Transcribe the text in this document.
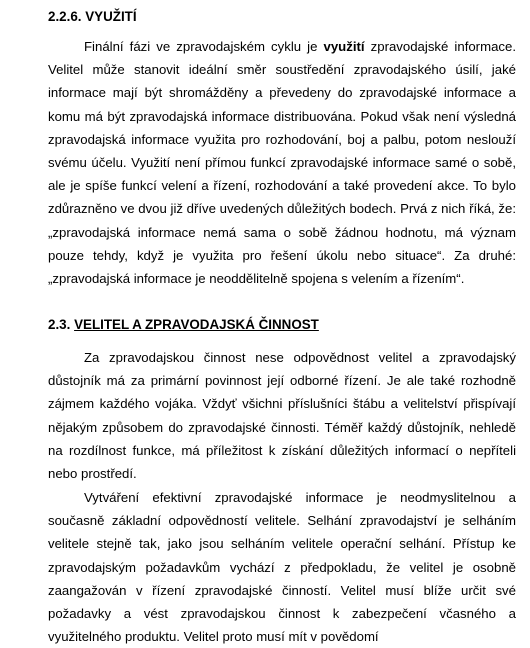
2.2.6. VYUŽITÍ

Finální fázi ve zpravodajském cyklu je využití zpravodajské informace. Velitel může stanovit ideální směr soustředění zpravodajského úsilí, jaké informace mají být shromážděny a převedeny do zpravodajské informace a komu má být zpravodajská informace distribuována. Pokud však není výsledná zpravodajská informace využita pro rozhodování, boj a palbu, potom neslouží svému účelu. Využití není přímou funkcí zpravodajské informace samé o sobě, ale je spíše funkcí velení a řízení, rozhodování a také provedení akce. To bylo zdůrazněno ve dvou již dříve uvedených důležitých bodech. Prvá z nich říká, že: „zpravodajská informace nemá sama o sobě žádnou hodnotu, má význam pouze tehdy, když je využita pro řešení úkolu nebo situace“. Za druhé: „zpravodajská informace je neoddělitelně spojena s velením a řízením“.

2.3. VELITEL A ZPRAVODAJSKÁ ČINNOST

Za zpravodajskou činnost nese odpovědnost velitel a zpravodajský důstojník má za primární povinnost její odborné řízení. Je ale také rozhodně zájmem každého vojáka. Vždyť všichni příslušníci štábu a velitelství přispívají nějakým způsobem do zpravodajské činnosti. Téměř každý důstojník, nehledě na rozdílnost funkce, má příležitost k získání důležitých informací o nepříteli nebo prostředí.

Vytváření efektivní zpravodajské informace je neodmyslitelnou a současně základní odpovědností velitele. Selhání zpravodajství je selháním velitele stejně tak, jako jsou selháním velitele operační selhání. Přístup ke zpravodajským požadavkům vychází z předpokladu, že velitel je osobně zaangažován v řízení zpravodajské činností. Velitel musí blíže určit své požadavky a vést zpravodajskou činnost k zabezpečení včasného a využitelného produktu. Velitel proto musí mít v povědomí
